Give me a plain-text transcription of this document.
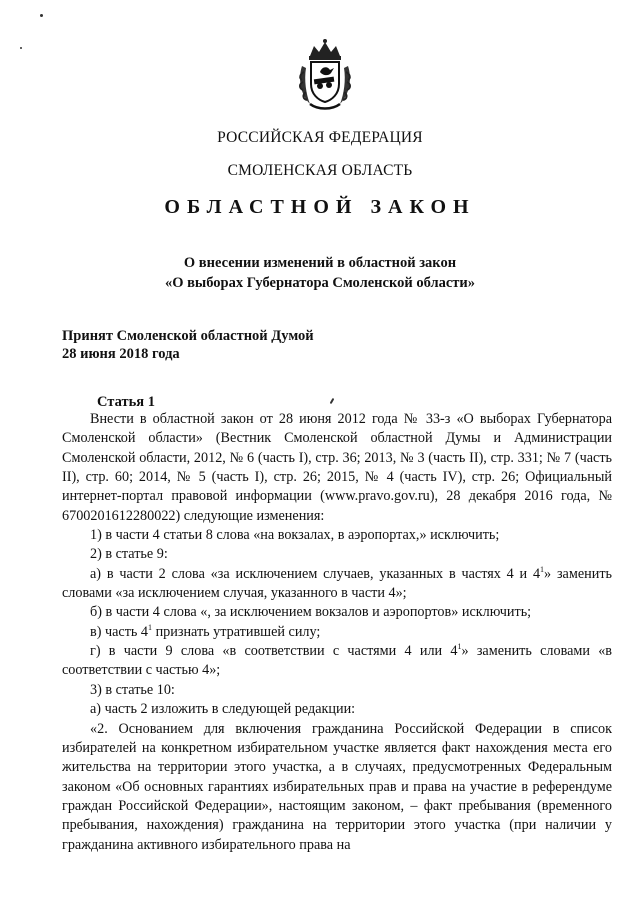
РОССИЙСКАЯ ФЕДЕРАЦИЯ
СМОЛЕНСКАЯ ОБЛАСТЬ
ОБЛАСТНОЙ ЗАКОН
О внесении изменений в областной закон
«О выборах Губернатора Смоленской области»
Принят Смоленской областной Думой
28 июня 2018 года
Статья 1

Внести в областной закон от 28 июня 2012 года № 33-з «О выборах Губернатора Смоленской области» (Вестник Смоленской областной Думы и Администрации Смоленской области, 2012, № 6 (часть I), стр. 36; 2013, № 3 (часть II), стр. 331; № 7 (часть II), стр. 60; 2014, № 5 (часть I), стр. 26; 2015, № 4 (часть IV), стр. 26; Официальный интернет-портал правовой информации (www.pravo.gov.ru), 28 декабря 2016 года, № 6700201612280022) следующие изменения:

1) в части 4 статьи 8 слова «на вокзалах, в аэропортах,» исключить;

2) в статье 9:

а) в части 2 слова «за исключением случаев, указанных в частях 4 и $4^1$» заменить словами «за исключением случая, указанного в части 4»;

б) в части 4 слова «, за исключением вокзалов и аэропортов» исключить;

в) часть $4^1$ признать утратившей силу;

г) в части 9 слова «в соответствии с частями 4 или $4^1$» заменить словами «в соответствии с частью 4»;

3) в статье 10:

а) часть 2 изложить в следующей редакции:

«2. Основанием для включения гражданина Российской Федерации в список избирателей на конкретном избирательном участке является факт нахождения места его жительства на территории этого участка, а в случаях, предусмотренных Федеральным законом «Об основных гарантиях избирательных прав и права на участие в референдуме граждан Российской Федерации», настоящим законом, – факт пребывания (временного пребывания, нахождения) гражданина на территории этого участка (при наличии у гражданина активного избирательного права на
